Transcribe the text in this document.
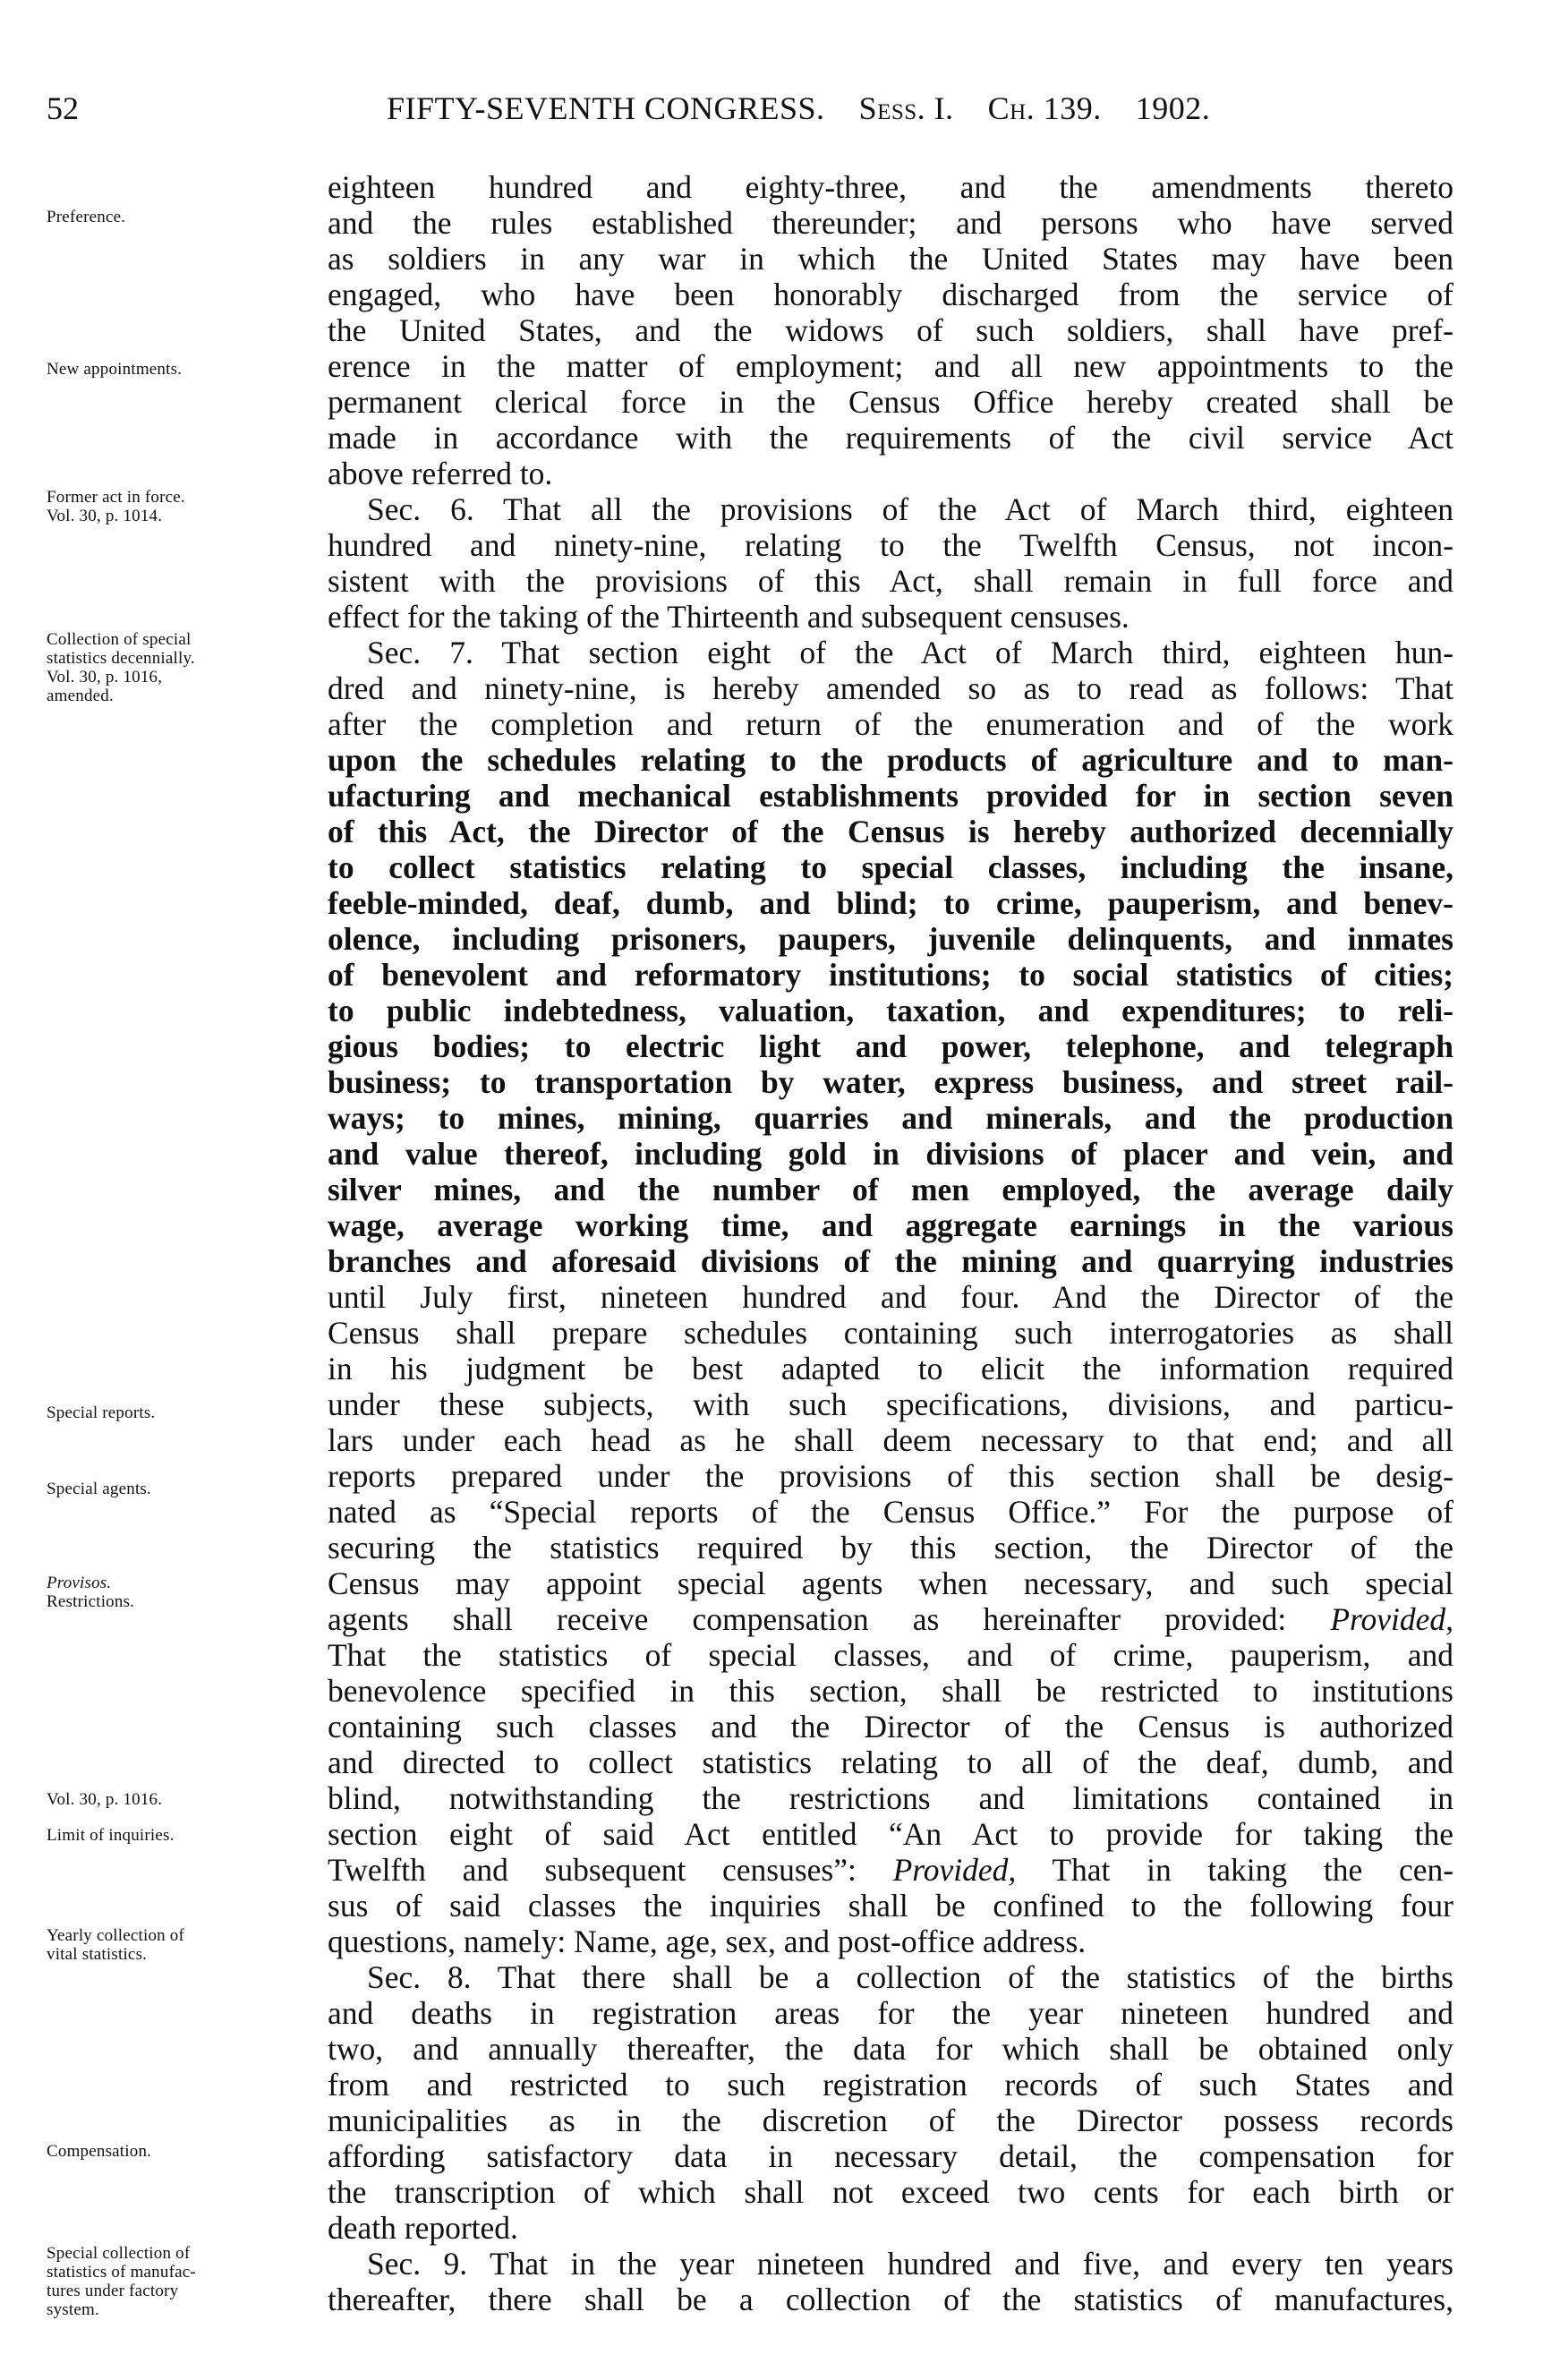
52	FIFTY-SEVENTH CONGRESS. Sess. I. Ch. 139. 1902.
Preference.
New appointments.
Former act in force.
Vol. 30, p. 1014.
Collection of special
statistics decennially.
Vol. 30, p. 1016,
amended.
Special reports.
Special agents.
Provisos.
Restrictions.
Vol. 30, p. 1016.
Limit of inquiries.
Yearly collection of
vital statistics.
Compensation.
Special collection of
statistics of manufac-
tures under factory
system.
eighteen hundred and eighty-three, and the amendments thereto
and the rules established thereunder; and persons who have served
as soldiers in any war in which the United States may have been
engaged, who have been honorably discharged from the service of
the United States, and the widows of such soldiers, shall have pref-
erence in the matter of employment; and all new appointments to the
permanent clerical force in the Census Office hereby created shall be
made in accordance with the requirements of the civil service Act
above referred to.
Sec. 6. That all the provisions of the Act of March third, eighteen
hundred and ninety-nine, relating to the Twelfth Census, not incon-
sistent with the provisions of this Act, shall remain in full force and
effect for the taking of the Thirteenth and subsequent censuses.
Sec. 7. That section eight of the Act of March third, eighteen hun-
dred and ninety-nine, is hereby amended so as to read as follows: That
after the completion and return of the enumeration and of the work
upon the schedules relating to the products of agriculture and to man-
ufacturing and mechanical establishments provided for in section seven
of this Act, the Director of the Census is hereby authorized decennially
to collect statistics relating to special classes, including the insane,
feeble-minded, deaf, dumb, and blind; to crime, pauperism, and benev-
olence, including prisoners, paupers, juvenile delinquents, and inmates
of benevolent and reformatory institutions; to social statistics of cities;
to public indebtedness, valuation, taxation, and expenditures; to reli-
gious bodies; to electric light and power, telephone, and telegraph
business; to transportation by water, express business, and street rail-
ways; to mines, mining, quarries and minerals, and the production
and value thereof, including gold in divisions of placer and vein, and
silver mines, and the number of men employed, the average daily
wage, average working time, and aggregate earnings in the various
branches and aforesaid divisions of the mining and quarrying industries
until July first, nineteen hundred and four. And the Director of the
Census shall prepare schedules containing such interrogatories as shall
in his judgment be best adapted to elicit the information required
under these subjects, with such specifications, divisions, and particu-
lars under each head as he shall deem necessary to that end; and all
reports prepared under the provisions of this section shall be desig-
nated as “Special reports of the Census Office.” For the purpose of
securing the statistics required by this section, the Director of the
Census may appoint special agents when necessary, and such special
agents shall receive compensation as hereinafter provided: Provided,
That the statistics of special classes, and of crime, pauperism, and
benevolence specified in this section, shall be restricted to institutions
containing such classes and the Director of the Census is authorized
and directed to collect statistics relating to all of the deaf, dumb, and
blind, notwithstanding the restrictions and limitations contained in
section eight of said Act entitled “An Act to provide for taking the
Twelfth and subsequent censuses”: Provided, That in taking the cen-
sus of said classes the inquiries shall be confined to the following four
questions, namely: Name, age, sex, and post-office address.
Sec. 8. That there shall be a collection of the statistics of the births
and deaths in registration areas for the year nineteen hundred and
two, and annually thereafter, the data for which shall be obtained only
from and restricted to such registration records of such States and
municipalities as in the discretion of the Director possess records
affording satisfactory data in necessary detail, the compensation for
the transcription of which shall not exceed two cents for each birth or
death reported.
Sec. 9. That in the year nineteen hundred and five, and every ten years
thereafter, there shall be a collection of the statistics of manufactures,
